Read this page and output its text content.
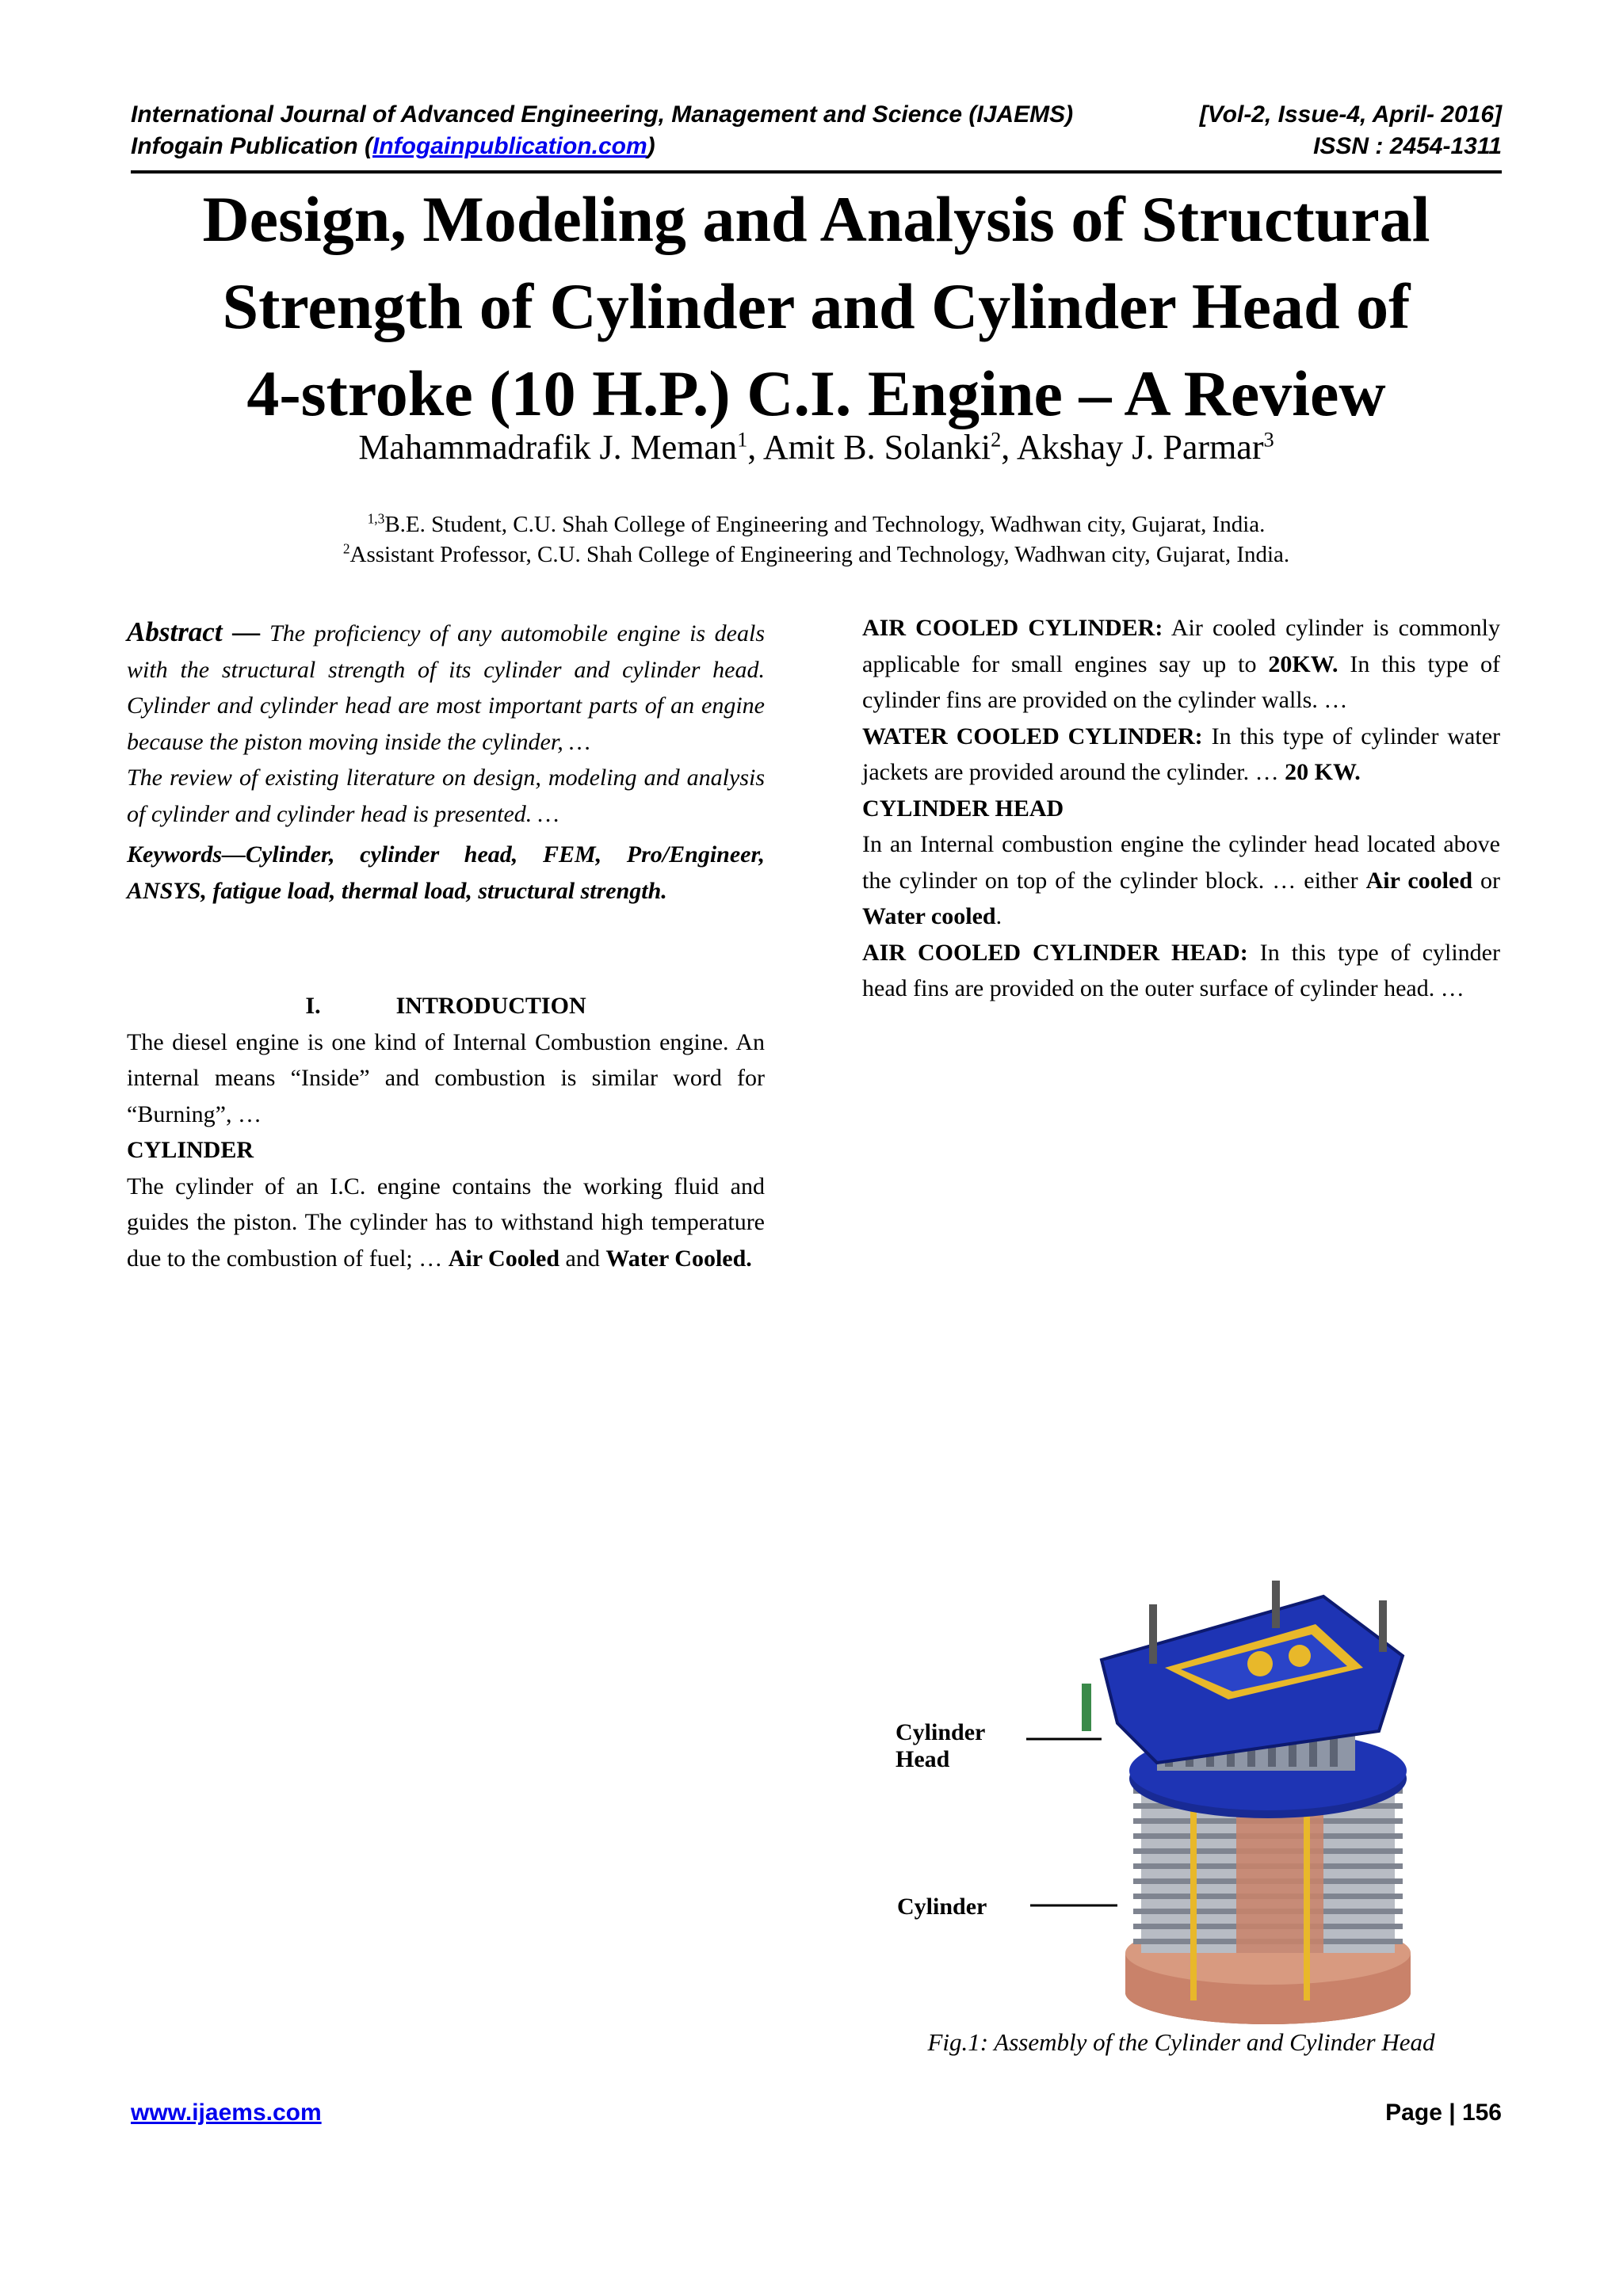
International Journal of Advanced Engineering, Management and Science (IJAEMS)	[Vol-2, Issue-4, April- 2016]
Infogain Publication (Infogainpublication.com)	ISSN : 2454-1311
Design, Modeling and Analysis of Structural
Strength of Cylinder and Cylinder Head of
4-stroke (10 H.P.) C.I. Engine – A Review
Mahammadrafik J. Meman$^1$, Amit B. Solanki$^2$, Akshay J. Parmar$^3$
$^{1,3}$B.E. Student, C.U. Shah College of Engineering and Technology, Wadhwan city, Gujarat, India.
$^2$Assistant Professor, C.U. Shah College of Engineering and Technology, Wadhwan city, Gujarat, India.

Abstract — The proficiency of any automobile engine is deals with the structural strength of its cylinder and cylinder head. Cylinder and cylinder head are most important parts of an engine because the piston moving inside the cylinder, …

The review of existing literature on design, modeling and analysis of cylinder and cylinder head is presented. …

Keywords—Cylinder, cylinder head, FEM, Pro/Engineer, ANSYS, fatigue load, thermal load, structural strength.

I.	INTRODUCTION

The diesel engine is one kind of Internal Combustion engine. An internal means “Inside” and combustion is similar word for “Burning”, …

CYLINDER

The cylinder of an I.C. engine contains the working fluid and guides the piston. The cylinder has to withstand high temperature due to the combustion of fuel; … Air Cooled and Water Cooled.

AIR COOLED CYLINDER: Air cooled cylinder is commonly applicable for small engines say up to 20KW. In this type of cylinder fins are provided on the cylinder walls. …

WATER COOLED CYLINDER: In this type of cylinder water jackets are provided around the cylinder. … 20 KW.

CYLINDER HEAD

In an Internal combustion engine the cylinder head located above the cylinder on top of the cylinder block. … either Air cooled or Water cooled.

AIR COOLED CYLINDER HEAD: In this type of cylinder head fins are provided on the outer surface of cylinder head. …

Cylinder
Head
Cylinder
Fig.1: Assembly of the Cylinder and Cylinder Head
www.ijaems.com	Page | 156
